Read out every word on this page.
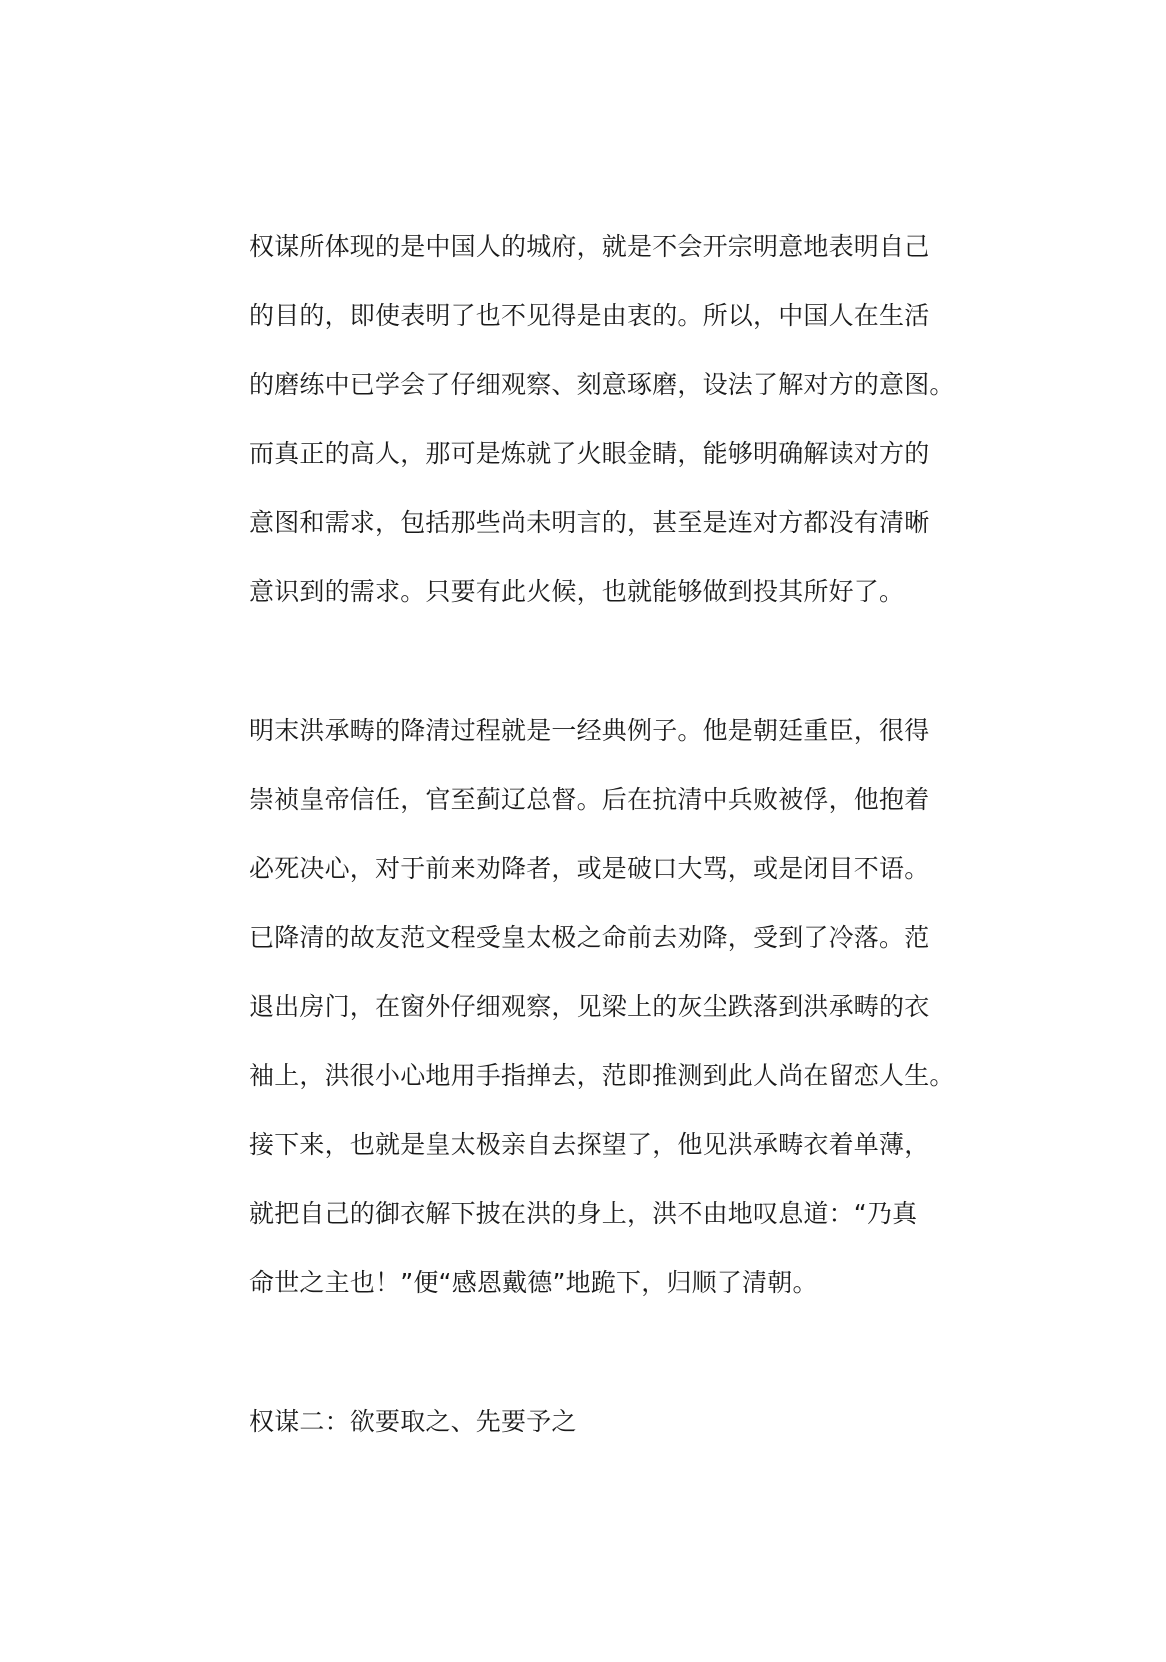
权谋所体现的是中国人的城府，就是不会开宗明意地表明自己
的目的，即使表明了也不见得是由衷的。所以，中国人在生活
的磨练中已学会了仔细观察、刻意琢磨，设法了解对方的意图。
而真正的高人，那可是炼就了火眼金睛，能够明确解读对方的
意图和需求，包括那些尚未明言的，甚至是连对方都没有清晰
意识到的需求。只要有此火候，也就能够做到投其所好了。
明末洪承畴的降清过程就是一经典例子。他是朝廷重臣，很得
崇祯皇帝信任，官至蓟辽总督。后在抗清中兵败被俘，他抱着
必死决心，对于前来劝降者，或是破口大骂，或是闭目不语。
已降清的故友范文程受皇太极之命前去劝降，受到了冷落。范
退出房门，在窗外仔细观察，见梁上的灰尘跌落到洪承畴的衣
袖上，洪很小心地用手指掸去，范即推测到此人尚在留恋人生。
接下来，也就是皇太极亲自去探望了，他见洪承畴衣着单薄，
就把自己的御衣解下披在洪的身上，洪不由地叹息道：“乃真
命世之主也！”便“感恩戴德”地跪下，归顺了清朝。
权谋二：欲要取之、先要予之
